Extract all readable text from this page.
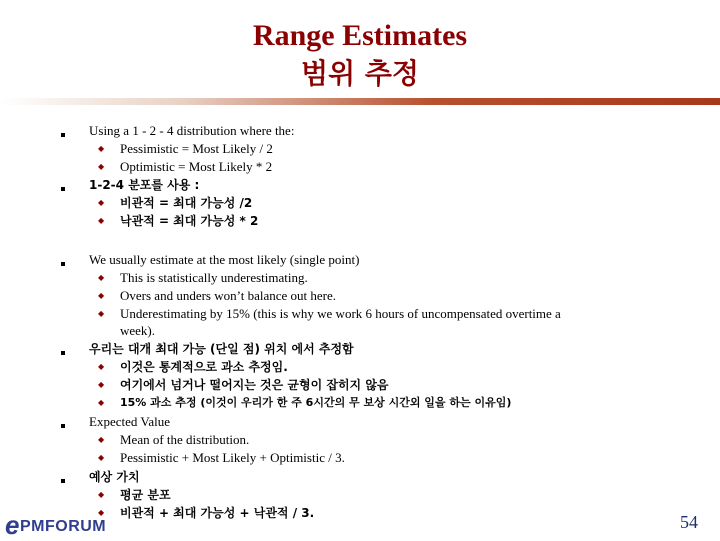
Range Estimates
범위 추정
Using a 1 - 2 - 4 distribution where the:
◆ Pessimistic = Most Likely / 2
◆ Optimistic = Most Likely * 2
1-2-4 분포를 사용 :
◆ 비관적 = 최대 가능성 /2
◆ 낙관적 = 최대 가능성 * 2
We usually estimate at the most likely (single point)
◆ This is statistically underestimating.
◆ Overs and unders won’t balance out here.
◆ Underestimating by 15% (this is why we work 6 hours of uncompensated overtime a
week).
우리는 대개 최대 가능 (단일 점) 위치 에서 추정함
◆ 이것은 통계적으로 과소 추정임.
◆ 여기에서 넘거나 떨어지는 것은 균형이 잡히지 않음
◆ 15% 과소 추정 (이것이 우리가 한 주 6시간의 무 보상 시간외 일을 하는 이유임)
Expected Value
◆ Mean of the distribution.
◆ Pessimistic + Most Likely + Optimistic / 3.
예상 가치
◆ 평균 분포
◆ 비관적 + 최대 가능성 + 낙관적 / 3.
ePMFORUM	54
